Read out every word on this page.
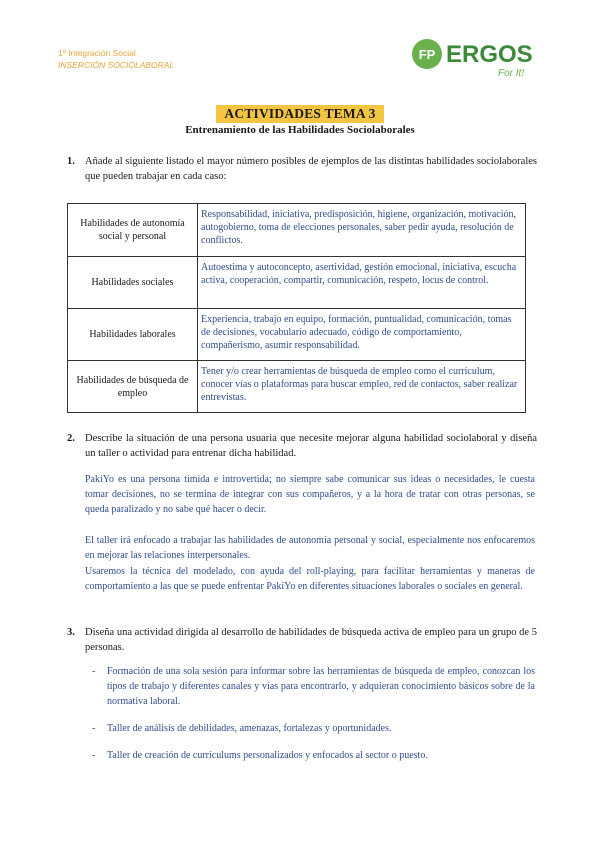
1º Integración Social
INSERCIÓN SOCIOLABORAL
FP ERGOS
For It!
ACTIVIDADES TEMA 3
Entrenamiento de las Habilidades Sociolaborales
1. Añade al siguiente listado el mayor número posibles de ejemplos de las distintas habilidades sociolaborales que pueden trabajar en cada caso:
Habilidades de autonomía social y personal	Responsabilidad, iniciativa, predisposición, higiene, organización, motivación, autogobierno, toma de elecciones personales, saber pedir ayuda, resolución de conflictos.
Habilidades sociales	Autoestima y autoconcepto, asertividad, gestión emocional, iniciativa, escucha activa, cooperación, compartir, comunicación, respeto, locus de control.
Habilidades laborales	Experiencia, trabajo en equipo, formación, puntualidad, comunicación, tomas de decisiones, vocabulario adecuado, código de comportamiento, compañerismo, asumir responsabilidad.
Habilidades de búsqueda de empleo	Tener y/o crear herramientas de búsqueda de empleo como el currículum, conocer vías o plataformas para buscar empleo, red de contactos, saber realizar entrevistas.
2. Describe la situación de una persona usuaria que necesite mejorar alguna habilidad sociolaboral y diseña un taller o actividad para entrenar dicha habilidad.
PakiYo es una persona tímida e introvertida; no siempre sabe comunicar sus ideas o necesidades, le cuesta tomar decisiones, no se termina de integrar con sus compañeros, y a la hora de tratar con otras personas, se queda paralizado y no sabe qué hacer o decir.
El taller irá enfocado a trabajar las habilidades de autonomía personal y social, especialmente nos enfocaremos en mejorar las relaciones interpersonales.
Usaremos la técnica del modelado, con ayuda del roll-playing, para facilitar herramientas y maneras de comportamiento a las que se puede enfrentar PakiYo en diferentes situaciones laborales o sociales en general.
3. Diseña una actividad dirigida al desarrollo de habilidades de búsqueda activa de empleo para un grupo de 5 personas.
- Formación de una sola sesión para informar sobre las herramientas de búsqueda de empleo, conozcan los tipos de trabajo y diferentes canales y vías para encontrarlo, y adquieran conocimiento básicos sobre de la normativa laboral.
- Taller de análisis de debilidades, amenazas, fortalezas y oportunidades.
- Taller de creación de currículums personalizados y enfocados al sector o puesto.
